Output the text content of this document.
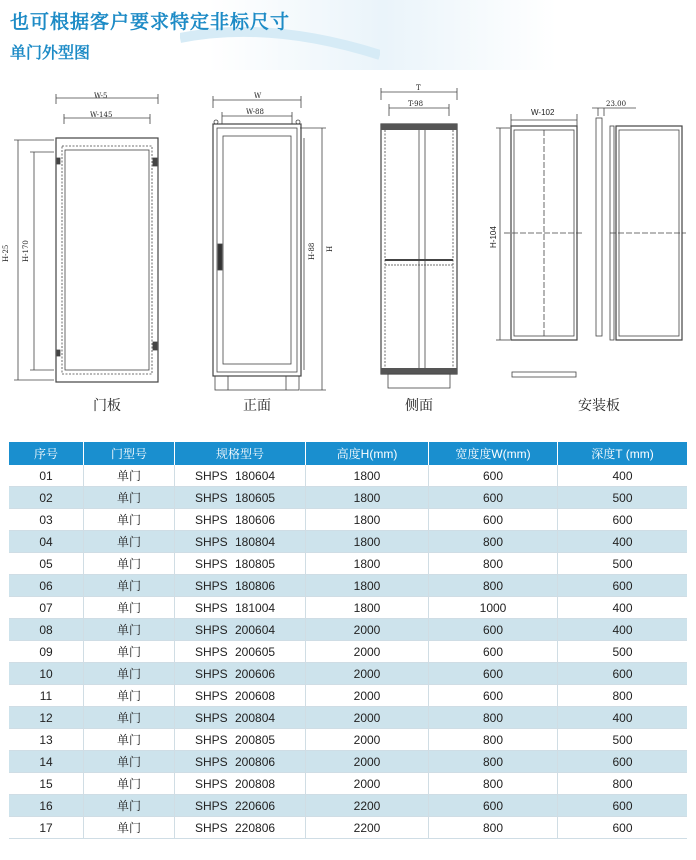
也可根据客户要求特定非标尺寸
单门外型图
W-5
W-145
H-25 H-170
W
W-88
H-88 H
T
T-98
W-102
23.00
H-104
门板	正面	侧面	安装板
序号	门型号	规格型号	高度H(mm)	宽度度W(mm)	深度T (mm)
01	单门	SHPS 180604	1800	600	400
02	单门	SHPS 180605	1800	600	500
03	单门	SHPS 180606	1800	600	600
04	单门	SHPS 180804	1800	800	400
05	单门	SHPS 180805	1800	800	500
06	单门	SHPS 180806	1800	800	600
07	单门	SHPS 181004	1800	1000	400
08	单门	SHPS 200604	2000	600	400
09	单门	SHPS 200605	2000	600	500
10	单门	SHPS 200606	2000	600	600
11	单门	SHPS 200608	2000	600	800
12	单门	SHPS 200804	2000	800	400
13	单门	SHPS 200805	2000	800	500
14	单门	SHPS 200806	2000	800	600
15	单门	SHPS 200808	2000	800	800
16	单门	SHPS 220606	2200	600	600
17	单门	SHPS 220806	2200	800	600
